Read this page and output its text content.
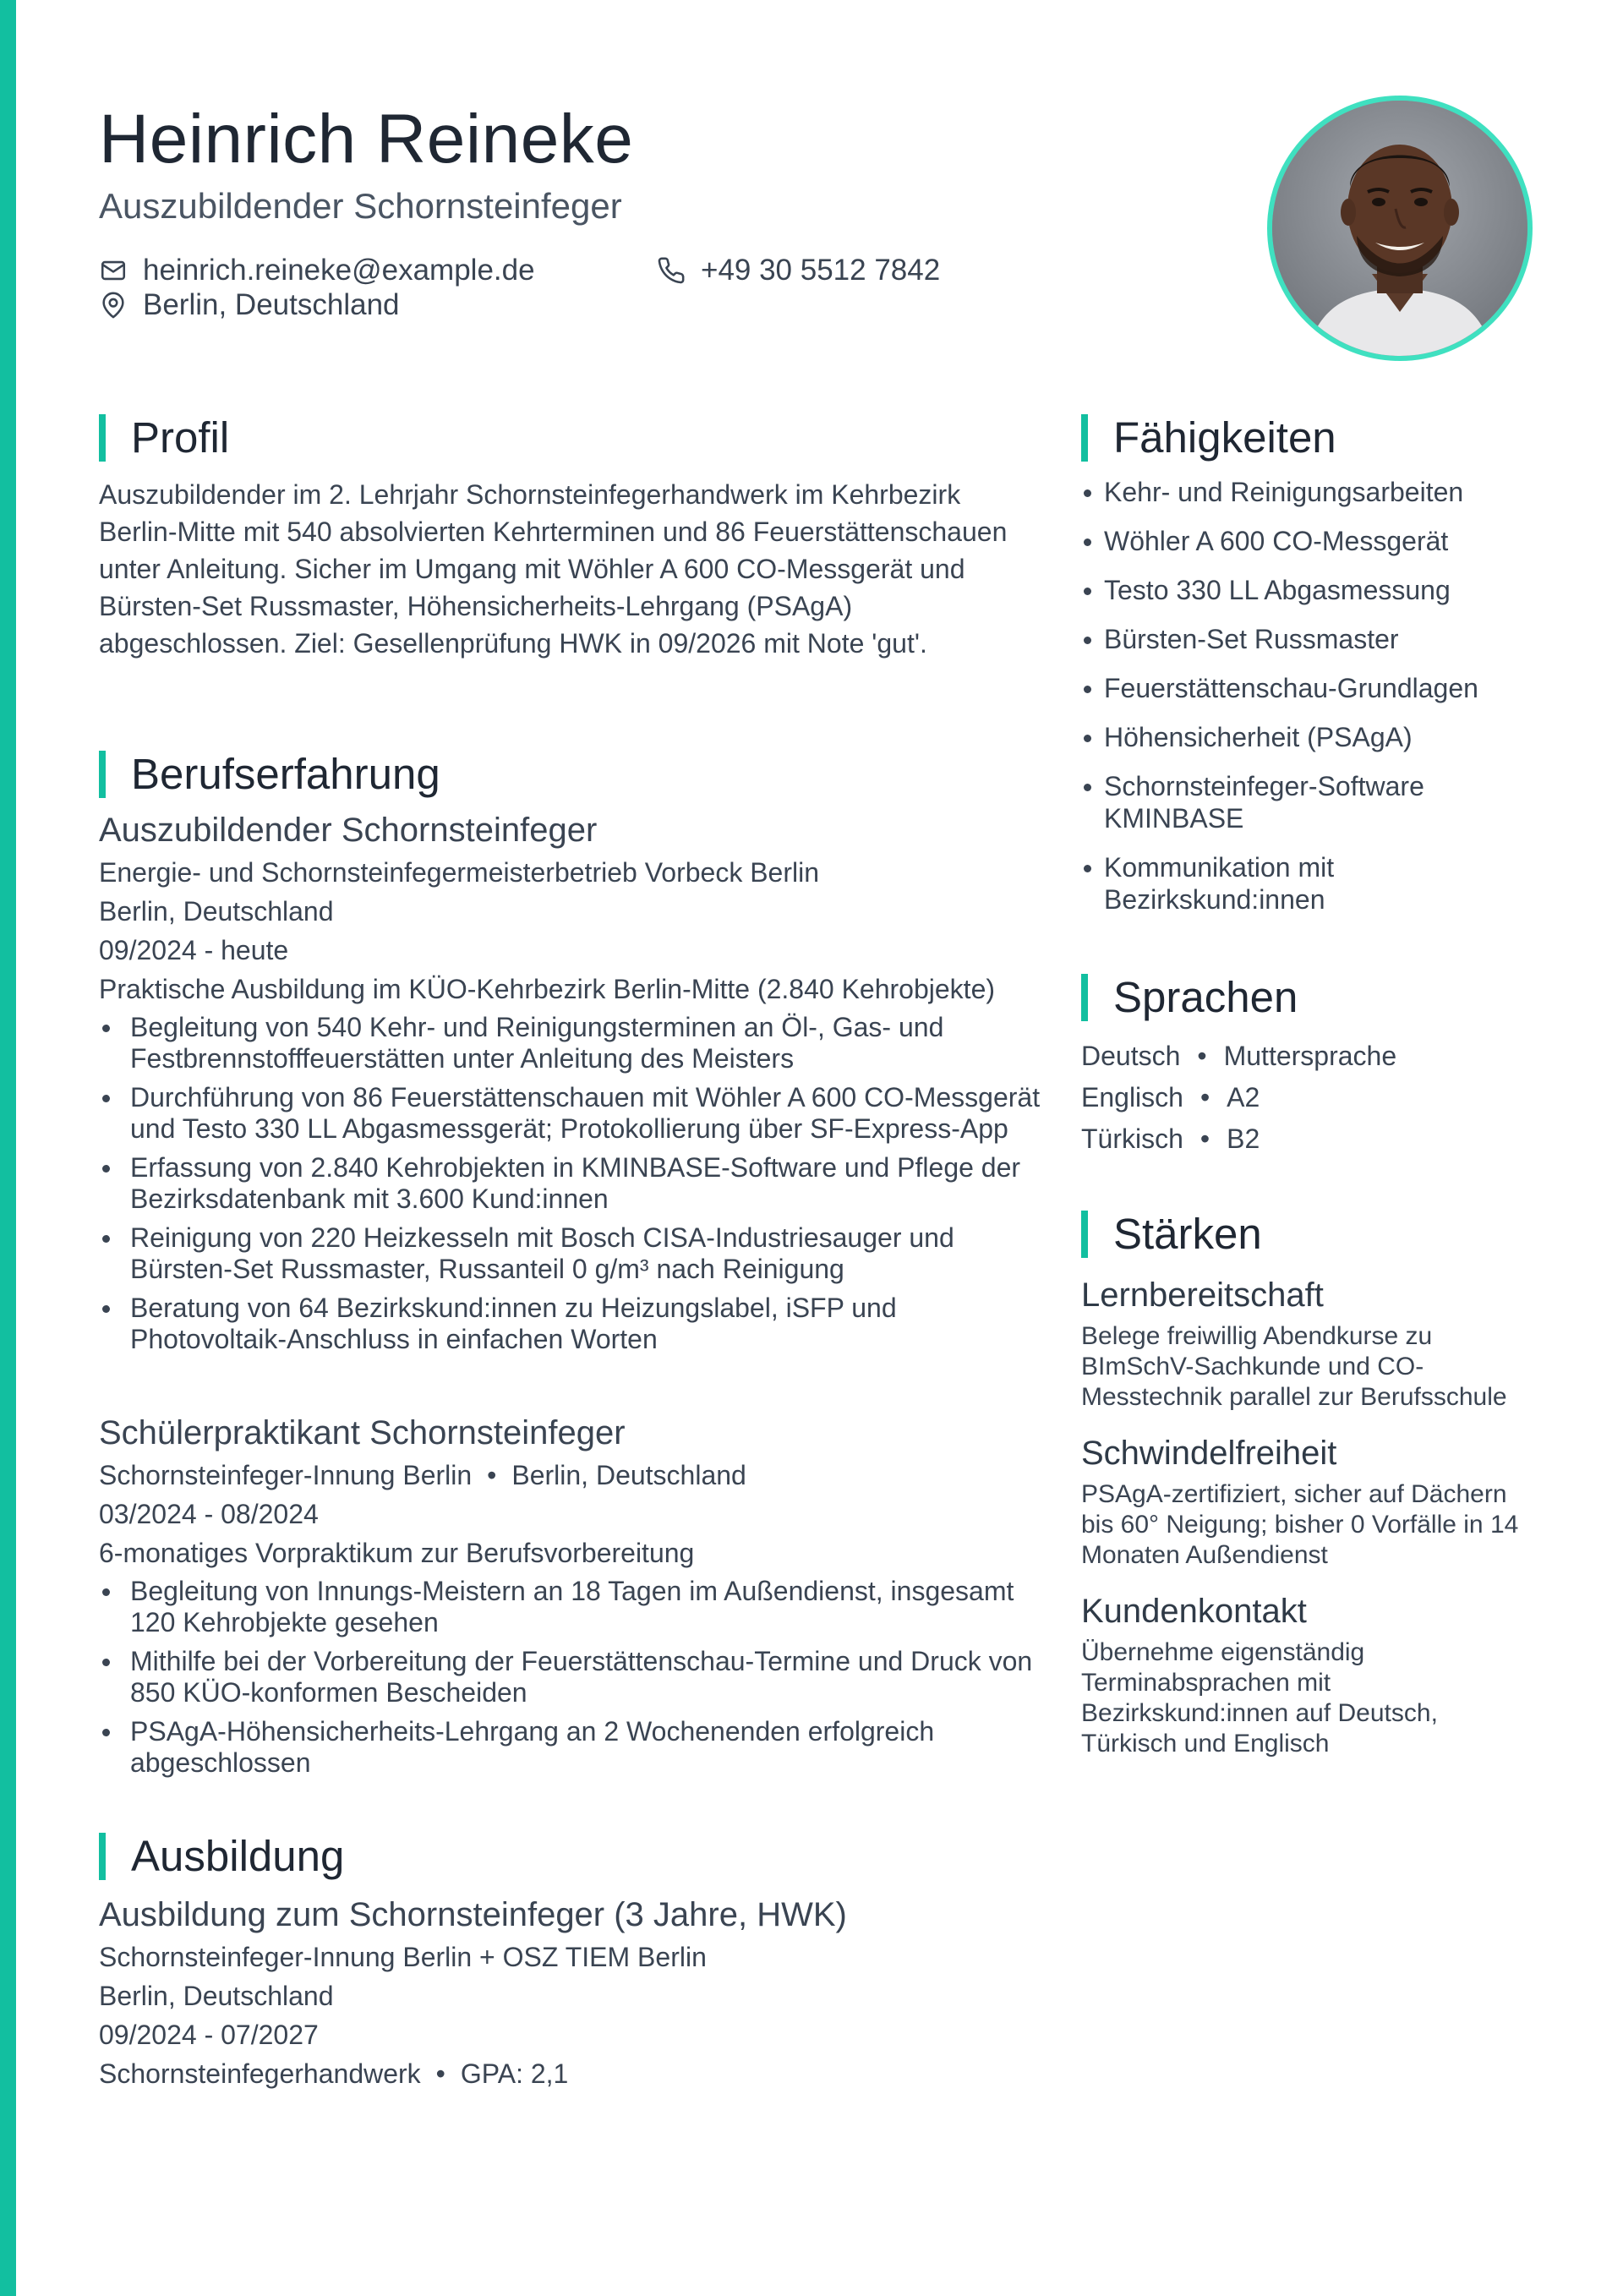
Heinrich Reineke
Auszubildender Schornsteinfeger
heinrich.reineke@example.de	+49 30 5512 7842
Berlin, Deutschland
Profil

Auszubildender im 2. Lehrjahr Schornsteinfegerhandwerk im Kehrbezirk Berlin-Mitte mit 540 absolvierten Kehrterminen und 86 Feuerstättenschauen unter Anleitung. Sicher im Umgang mit Wöhler A 600 CO-Messgerät und Bürsten-Set Russmaster, Höhensicherheits-Lehrgang (PSAgA) abgeschlossen. Ziel: Gesellenprüfung HWK in 09/2026 mit Note 'gut'.

Berufserfahrung
Auszubildender Schornsteinfeger
Energie- und Schornsteinfegermeisterbetrieb Vorbeck Berlin
Berlin, Deutschland
09/2024 - heute
Praktische Ausbildung im KÜO-Kehrbezirk Berlin-Mitte (2.840 Kehrobjekte)
Begleitung von 540 Kehr- und Reinigungsterminen an Öl-, Gas- und Festbrennstofffeuerstätten unter Anleitung des Meisters
Durchführung von 86 Feuerstättenschauen mit Wöhler A 600 CO-Messgerät und Testo 330 LL Abgasmessgerät; Protokollierung über SF-Express-App
Erfassung von 2.840 Kehrobjekten in KMINBASE-Software und Pflege der Bezirksdatenbank mit 3.600 Kund:innen
Reinigung von 220 Heizkesseln mit Bosch CISA-Industriesauger und Bürsten-Set Russmaster, Russanteil 0 g/m³ nach Reinigung
Beratung von 64 Bezirkskund:innen zu Heizungslabel, iSFP und Photovoltaik-Anschluss in einfachen Worten
Schülerpraktikant Schornsteinfeger
Schornsteinfeger-Innung Berlin • Berlin, Deutschland
03/2024 - 08/2024
6-monatiges Vorpraktikum zur Berufsvorbereitung
Begleitung von Innungs-Meistern an 18 Tagen im Außendienst, insgesamt 120 Kehrobjekte gesehen
Mithilfe bei der Vorbereitung der Feuerstättenschau-Termine und Druck von 850 KÜO-konformen Bescheiden
PSAgA-Höhensicherheits-Lehrgang an 2 Wochenenden erfolgreich abgeschlossen
Ausbildung
Ausbildung zum Schornsteinfeger (3 Jahre, HWK)
Schornsteinfeger-Innung Berlin + OSZ TIEM Berlin
Berlin, Deutschland
09/2024 - 07/2027
Schornsteinfegerhandwerk • GPA: 2,1
Fähigkeiten
Kehr- und Reinigungsarbeiten
Wöhler A 600 CO-Messgerät
Testo 330 LL Abgasmessung
Bürsten-Set Russmaster
Feuerstättenschau-Grundlagen
Höhensicherheit (PSAgA)
Schornsteinfeger-Software KMINBASE
Kommunikation mit Bezirkskund:innen
Sprachen
Deutsch • Muttersprache
Englisch • A2
Türkisch • B2
Stärken
Lernbereitschaft
Belege freiwillig Abendkurse zu BImSchV-Sachkunde und CO-Messtechnik parallel zur Berufsschule
Schwindelfreiheit
PSAgA-zertifiziert, sicher auf Dächern bis 60° Neigung; bisher 0 Vorfälle in 14 Monaten Außendienst
Kundenkontakt
Übernehme eigenständig Terminabsprachen mit Bezirkskund:innen auf Deutsch, Türkisch und Englisch
